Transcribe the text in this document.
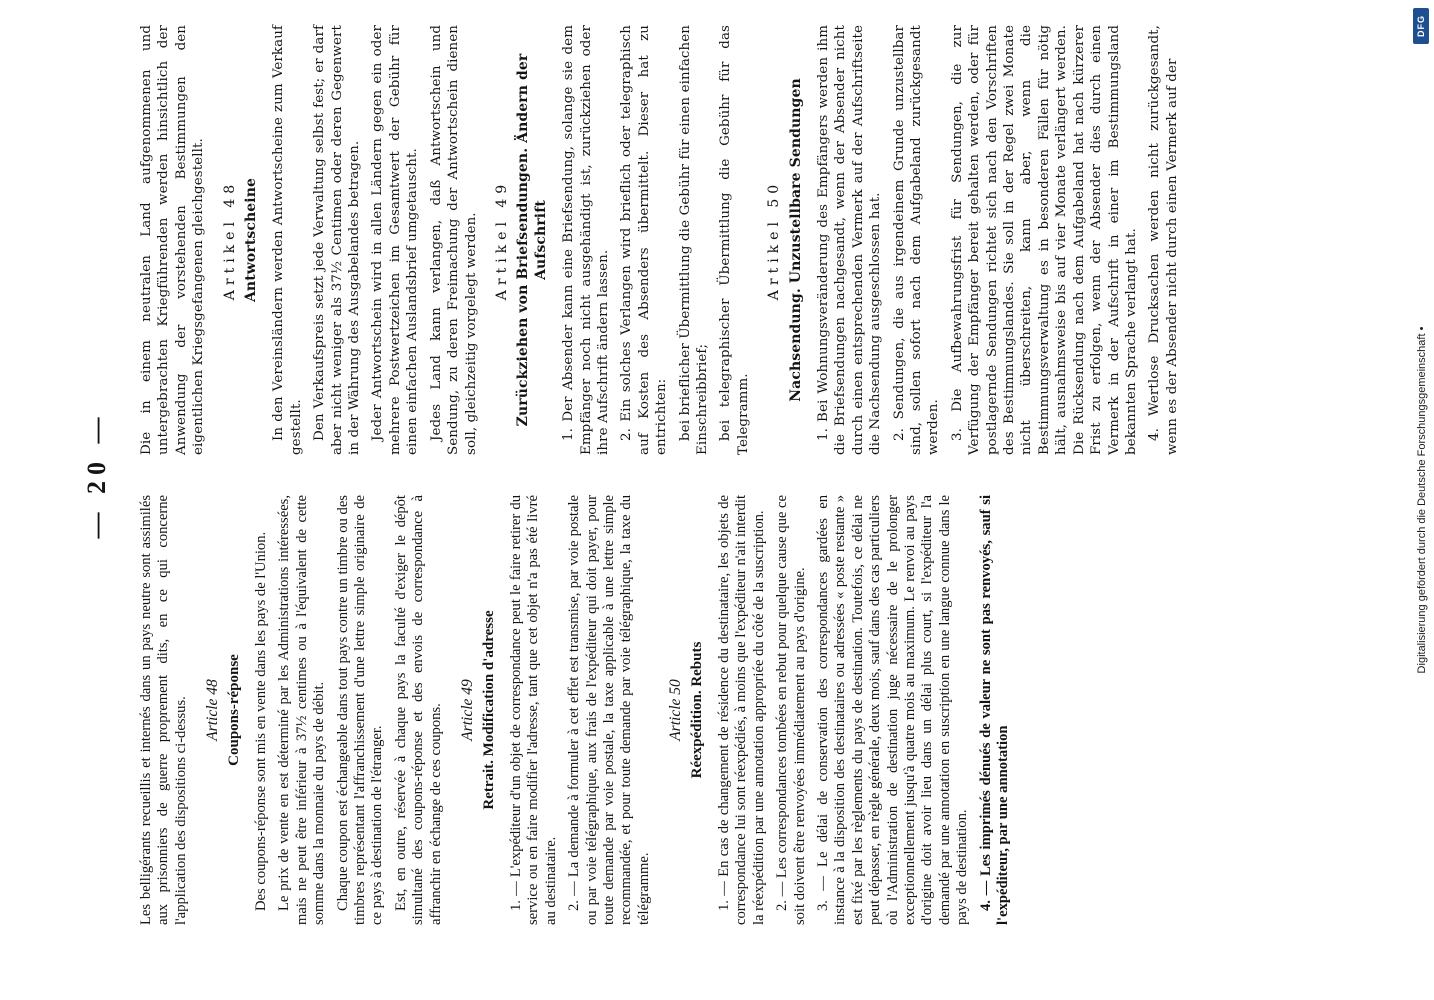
— 20 —

Les belligérants recueillis et internés dans un pays neutre sont assimilés aux prisonniers de guerre proprement dits, en ce qui concerne l'application des dispositions ci-dessus. Article 48 Coupons-réponse Des coupons-réponse sont mis en vente dans les pays de l'Union. Le prix de vente en est déterminé par les Administrations intéressées, mais ne peut être inférieur à 37½ centimes ou à l'équivalent de cette somme dans la monnaie du pays de débit. Chaque coupon est échangeable dans tout pays contre un timbre ou des timbres représentant l'affranchissement d'une lettre simple originaire de ce pays à destination de l'étranger. Est, en outre, réservée à chaque pays la faculté d'exiger le dépôt simultané des coupons-réponse et des envois de correspondance à affranchir en échange de ces coupons. Article 49 Retrait. Modification d'adresse 1. — L'expéditeur d'un objet de correspondance peut le faire retirer du service ou en faire modifier l'adresse, tant que cet objet n'a pas été livré au destinataire. 2. — La demande à formuler à cet effet est transmise, par voie postale ou par voie télégraphique, aux frais de l'expéditeur qui doit payer, pour toute demande par voie postale, la taxe applicable à une lettre simple recommandée, et pour toute demande par voie télégraphique, la taxe du télégramme.

Article 50 Réexpédition. Rebuts 1. — En cas de changement de résidence du destinataire, les objets de correspondance lui sont réexpédiés, à moins que l'expéditeur n'ait interdit la réexpédition par une annotation appropriée du côté de la suscription. 2. — Les correspondances tombées en rebut pour quelque cause que ce soit doivent être renvoyées immédiatement au pays d'origine. 3. — Le délai de conservation des correspondances gardées en instance à la disposition des destinataires ou adressées « poste restante » est fixé par les règlements du pays de destination. Toutefois, ce délai ne peut dépasser, en règle générale, deux mois, sauf dans des cas particuliers où l'Administration de destination juge nécessaire de le prolonger exceptionnellement jusqu'à quatre mois au maximum. Le renvoi au pays d'origine doit avoir lieu dans un délai plus court, si l'expéditeur l'a demandé par une annotation en suscription en une langue connue dans le pays de destination. 4. — Les imprimés dénués de valeur ne sont pas renvoyés, sauf si l'expéditeur, par une annotation

Die in einem neutralen Land aufgenommenen und untergebrachten Kriegführenden werden hinsichtlich der Anwendung der vorstehenden Bestimmungen den eigentlichen Kriegsgefangenen gleichgestellt. Artikel 48 Antwortscheine In den Vereinsländern werden Antwortscheine zum Verkauf gestellt. Den Verkaufspreis setzt jede Verwaltung selbst fest; er darf aber nicht weniger als 37½ Centimen oder deren Gegenwert in der Währung des Ausgabelandes betragen. Jeder Antwortschein wird in allen Ländern gegen ein oder mehrere Postwertzeichen im Gesamtwert der Gebühr für einen einfachen Auslandsbrief umgetauscht. Jedes Land kann verlangen, daß Antwortschein und Sendung, zu deren Freimachung der Antwortschein dienen soll, gleichzeitig vorgelegt werden. Artikel 49 Zurückziehen von Briefsendungen. Ändern der Aufschrift 1. Der Absender kann eine Briefsendung, solange sie dem Empfänger noch nicht ausgehändigt ist, zurückziehen oder ihre Aufschrift ändern lassen. 2. Ein solches Verlangen wird brieflich oder telegraphisch auf Kosten des Absenders übermittelt. Dieser hat zu entrichten: bei brieflicher Übermittlung die Gebühr für einen einfachen Einschreibbrief; bei telegraphischer Übermittlung die Gebühr für das Telegramm.

Artikel 50 Nachsendung. Unzustellbare Sendungen 1. Bei Wohnungsveränderung des Empfängers werden ihm die Briefsendungen nachgesandt, wenn der Absender nicht durch einen entsprechenden Vermerk auf der Aufschriftseite die Nachsendung ausgeschlossen hat. 2. Sendungen, die aus irgendeinem Grunde unzustellbar sind, sollen sofort nach dem Aufgabeland zurückgesandt werden. 3. Die Aufbewahrungsfrist für Sendungen, die zur Verfügung der Empfänger bereit gehalten werden, oder für postlagernde Sendungen richtet sich nach den Vorschriften des Bestimmungslandes. Sie soll in der Regel zwei Monate nicht überschreiten, kann aber, wenn die Bestimmungsverwaltung es in besonderen Fällen für nötig hält, ausnahmsweise bis auf vier Monate verlängert werden. Die Rücksendung nach dem Aufgabeland hat nach kürzerer Frist zu erfolgen, wenn der Absender dies durch einen Vermerk in der Aufschrift in einer im Bestimmungsland bekannten Sprache verlangt hat. 4. Wertlose Drucksachen werden nicht zurückgesandt, wenn es der Absender nicht durch einen Vermerk auf der

DFG
Digitalisierung gefördert durch die Deutsche Forschungsgemeinschaft •
